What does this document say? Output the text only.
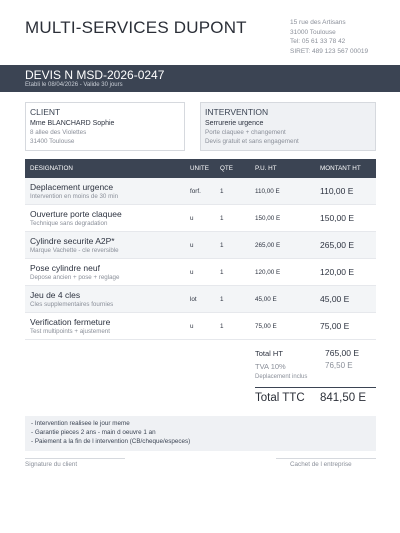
MULTI-SERVICES DUPONT	15 rue des Artisans
31000 Toulouse
Tel: 05 61 33 78 42
SIRET: 489 123 567 00019
DEVIS N MSD-2026-0247
Etabli le 08/04/2026 - Valide 30 jours
CLIENT
Mme BLANCHARD Sophie
8 allee des Violettes
31400 Toulouse
INTERVENTION
Serrurerie urgence
Porte claquee + changement
Devis gratuit et sans engagement
DESIGNATION	UNITE QTE	P.U. HT	MONTANT HT
Deplacement urgence
Intervention en moins de 30 min
forf.	1	110,00 E	110,00 E
Ouverture porte claquee
Technique sans degradation
u	1	150,00 E	150,00 E
Cylindre securite A2P*
Marque Vachette - cle reversible
u	1	265,00 E	265,00 E
Pose cylindre neuf
Depose ancien + pose + reglage
u	1	120,00 E	120,00 E
Jeu de 4 cles
Cles supplementaires fournies
lot	1	45,00 E	45,00 E
Verification fermeture
Test multipoints + ajustement
u	1	75,00 E	75,00 E
Total HT	765,00 E
TVA 10%	76,50 E
Deplacement inclus
Total TTC 841,50 E
- Intervention realisee le jour meme
- Garantie pieces 2 ans - main d oeuvre 1 an
- Paiement a la fin de l intervention (CB/cheque/especes)
Signature du client	Cachet de l entreprise
